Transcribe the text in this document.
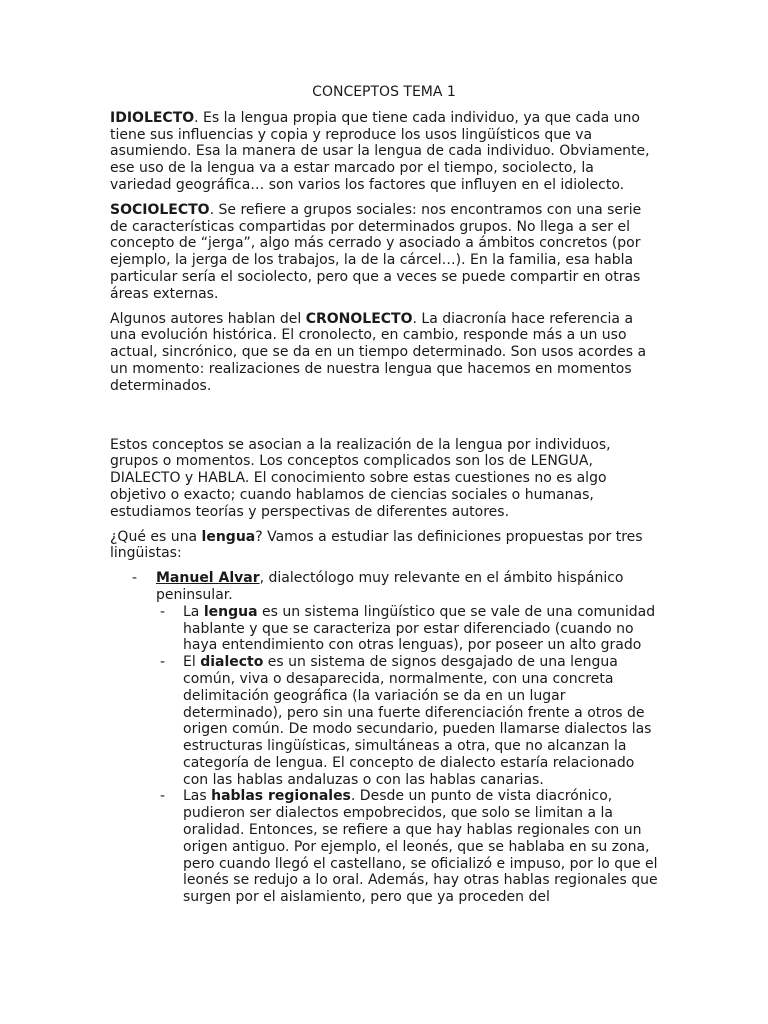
CONCEPTOS TEMA 1

IDIOLECTO. Es la lengua propia que tiene cada individuo, ya que cada uno tiene sus influencias y copia y reproduce los usos lingüísticos que va asumiendo. Esa la manera de usar la lengua de cada individuo. Obviamente, ese uso de la lengua va a estar marcado por el tiempo, sociolecto, la variedad geográfica… son varios los factores que influyen en el idiolecto.

SOCIOLECTO. Se refiere a grupos sociales: nos encontramos con una serie de características compartidas por determinados grupos. No llega a ser el concepto de “jerga”, algo más cerrado y asociado a ámbitos concretos (por ejemplo, la jerga de los trabajos, la de la cárcel…). En la familia, esa habla particular sería el sociolecto, pero que a veces se puede compartir en otras áreas externas.

Algunos autores hablan del CRONOLECTO. La diacronía hace referencia a una evolución histórica. El cronolecto, en cambio, responde más a un uso actual, sincrónico, que se da en un tiempo determinado. Son usos acordes a un momento: realizaciones de nuestra lengua que hacemos en momentos determinados.

Estos conceptos se asocian a la realización de la lengua por individuos, grupos o momentos. Los conceptos complicados son los de LENGUA, DIALECTO y HABLA. El conocimiento sobre estas cuestiones no es algo objetivo o exacto; cuando hablamos de ciencias sociales o humanas, estudiamos teorías y perspectivas de diferentes autores.

¿Qué es una lengua? Vamos a estudiar las definiciones propuestas por tres lingüistas:

- Manuel Alvar, dialectólogo muy relevante en el ámbito hispánico peninsular.
- La lengua es un sistema lingüístico que se vale de una comunidad hablante y que se caracteriza por estar diferenciado (cuando no haya entendimiento con otras lenguas), por poseer un alto grado
- El dialecto es un sistema de signos desgajado de una lengua común, viva o desaparecida, normalmente, con una concreta delimitación geográfica (la variación se da en un lugar determinado), pero sin una fuerte diferenciación frente a otros de origen común. De modo secundario, pueden llamarse dialectos las estructuras lingüísticas, simultáneas a otra, que no alcanzan la categoría de lengua. El concepto de dialecto estaría relacionado con las hablas andaluzas o con las hablas canarias.
- Las hablas regionales. Desde un punto de vista diacrónico, pudieron ser dialectos empobrecidos, que solo se limitan a la oralidad. Entonces, se refiere a que hay hablas regionales con un origen antiguo. Por ejemplo, el leonés, que se hablaba en su zona, pero cuando llegó el castellano, se oficializó e impuso, por lo que el leonés se redujo a lo oral. Además, hay otras hablas regionales que surgen por el aislamiento, pero que ya proceden del
